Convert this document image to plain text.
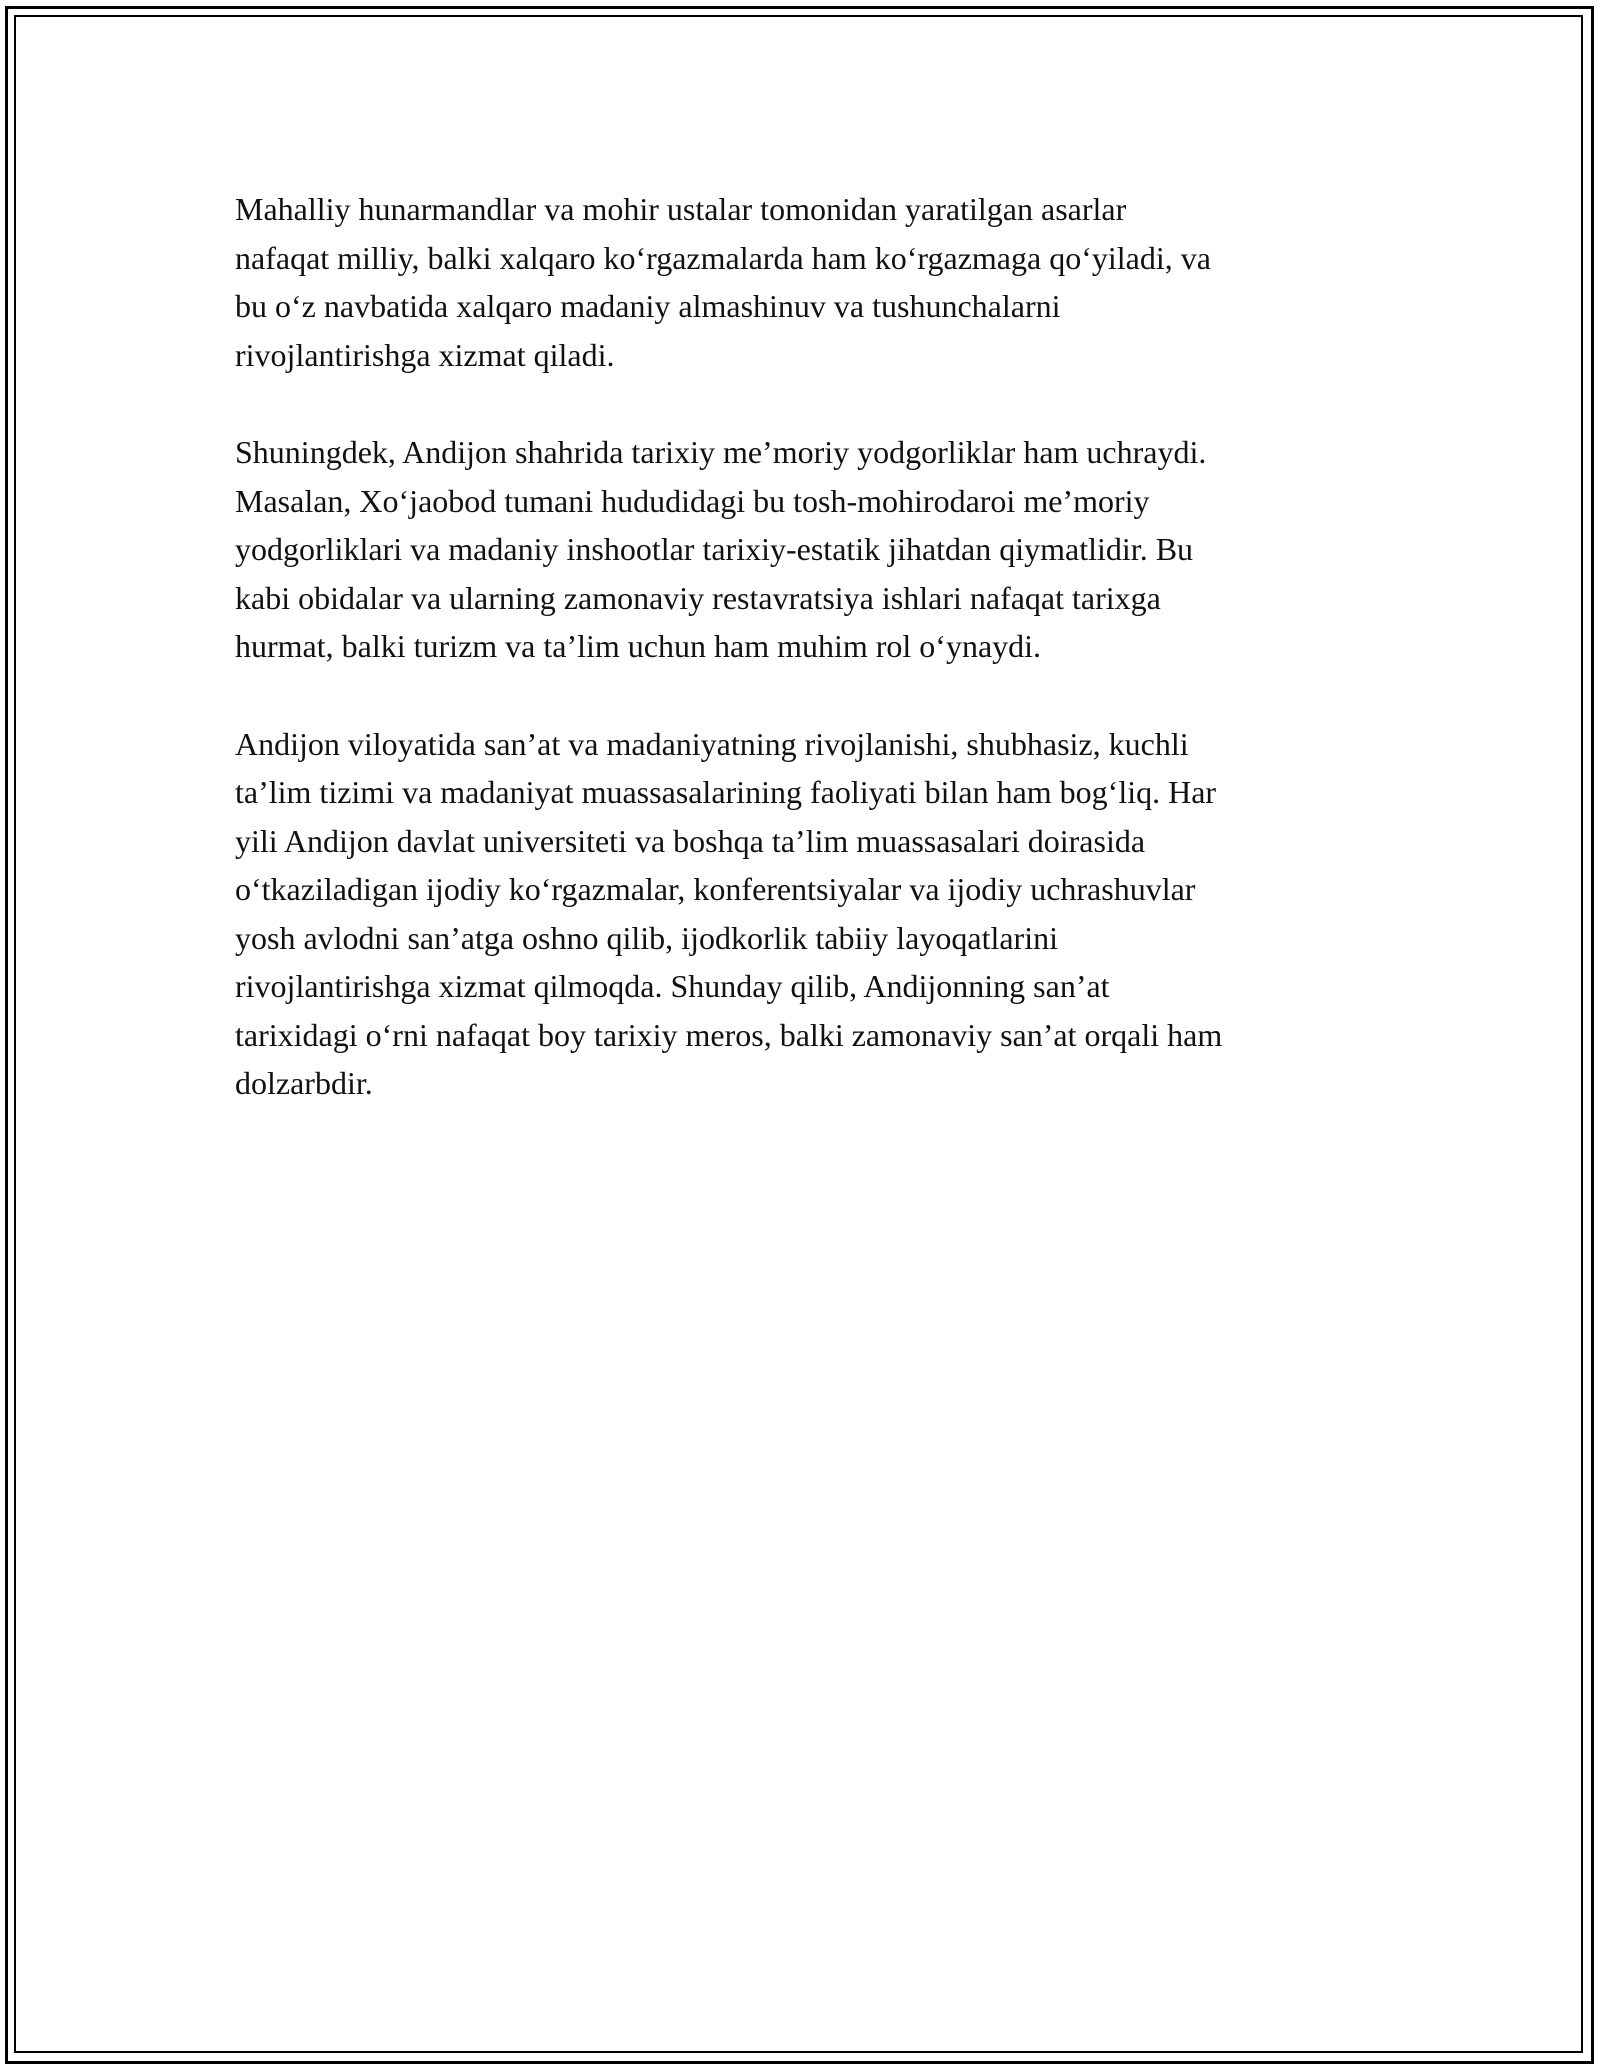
Mahalliy hunarmandlar va mohir ustalar tomonidan yaratilgan asarlar
nafaqat milliy, balki xalqaro koʻrgazmalarda ham koʻrgazmaga qoʻyiladi, va
bu oʻz navbatida xalqaro madaniy almashinuv va tushunchalarni
rivojlantirishga xizmat qiladi.

Shuningdek, Andijon shahrida tarixiy me’moriy yodgorliklar ham uchraydi.
Masalan, Xoʻjaobod tumani hududidagi bu tosh-mohirodaroi me’moriy
yodgorliklari va madaniy inshootlar tarixiy-estatik jihatdan qiymatlidir. Bu
kabi obidalar va ularning zamonaviy restavratsiya ishlari nafaqat tarixga
hurmat, balki turizm va ta’lim uchun ham muhim rol oʻynaydi.

Andijon viloyatida san’at va madaniyatning rivojlanishi, shubhasiz, kuchli
ta’lim tizimi va madaniyat muassasalarining faoliyati bilan ham bogʻliq. Har
yili Andijon davlat universiteti va boshqa ta’lim muassasalari doirasida
oʻtkaziladigan ijodiy koʻrgazmalar, konferentsiyalar va ijodiy uchrashuvlar
yosh avlodni san’atga oshno qilib, ijodkorlik tabiiy layoqatlarini
rivojlantirishga xizmat qilmoqda. Shunday qilib, Andijonning san’at
tarixidagi oʻrni nafaqat boy tarixiy meros, balki zamonaviy san’at orqali ham
dolzarbdir.
